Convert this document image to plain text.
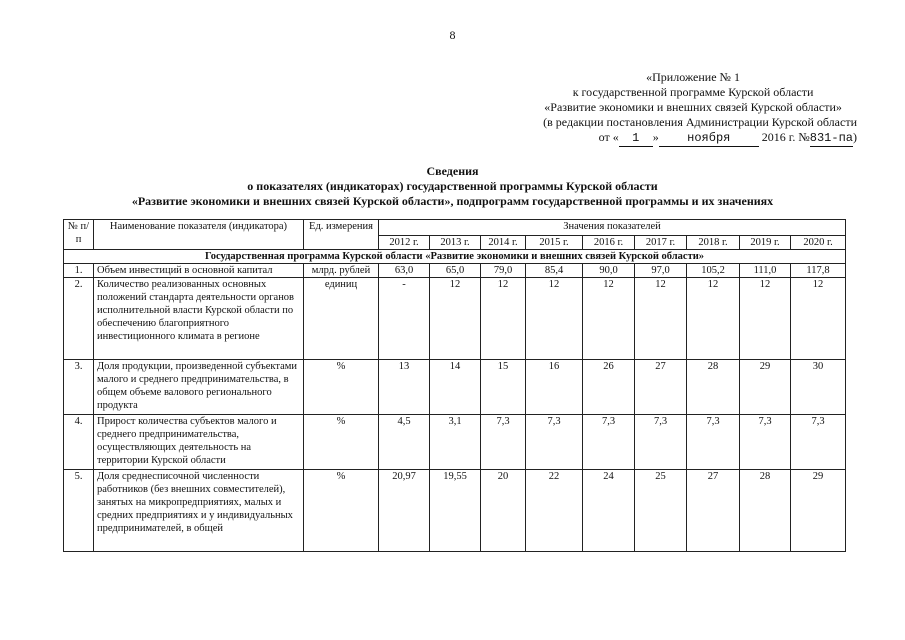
8
«Приложение № 1
к государственной программе Курской области
«Развитие экономики и внешних связей Курской области»
(в редакции постановления Администрации Курской области
от « 1 » ноября	2016 г. №831-па)
Сведения
о показателях (индикаторах) государственной программы Курской области
«Развитие экономики и внешних связей Курской области», подпрограмм государственной программы и их значениях
№ п/п	Наименование показателя (индикатора)	Ед. измерения	Значения показателей								
			2012 г.	2013 г.	2014 г.	2015 г.	2016 г.	2017 г.	2018 г.	2019 г.	2020 г.
Государственная программа Курской области «Развитие экономики и внешних связей Курской области»											
1.	Объем инвестиций в основной капитал	млрд. рублей	63,0	65,0	79,0	85,4	90,0	97,0	105,2	111,0	117,8
2.	Количество реализованных основных положений стандарта деятельности органов исполнительной власти Курской области по обеспечению благоприятного инвестиционного климата в регионе	единиц	-	12	12	12	12	12	12	12	12
3.	Доля продукции, произведенной субъектами малого и среднего предпринимательства, в общем объеме валового регионального продукта	%	13	14	15	16	26	27	28	29	30
4.	Прирост количества субъектов малого и среднего предпринимательства, осуществляющих деятельность на территории Курской области	%	4,5	3,1	7,3	7,3	7,3	7,3	7,3	7,3	7,3
5.	Доля среднесписочной численности работников (без внешних совместителей), занятых на микропредприятиях, малых и средних предприятиях и у индивидуальных предпринимателей, в общей	%	20,97	19,55	20	22	24	25	27	28	29
